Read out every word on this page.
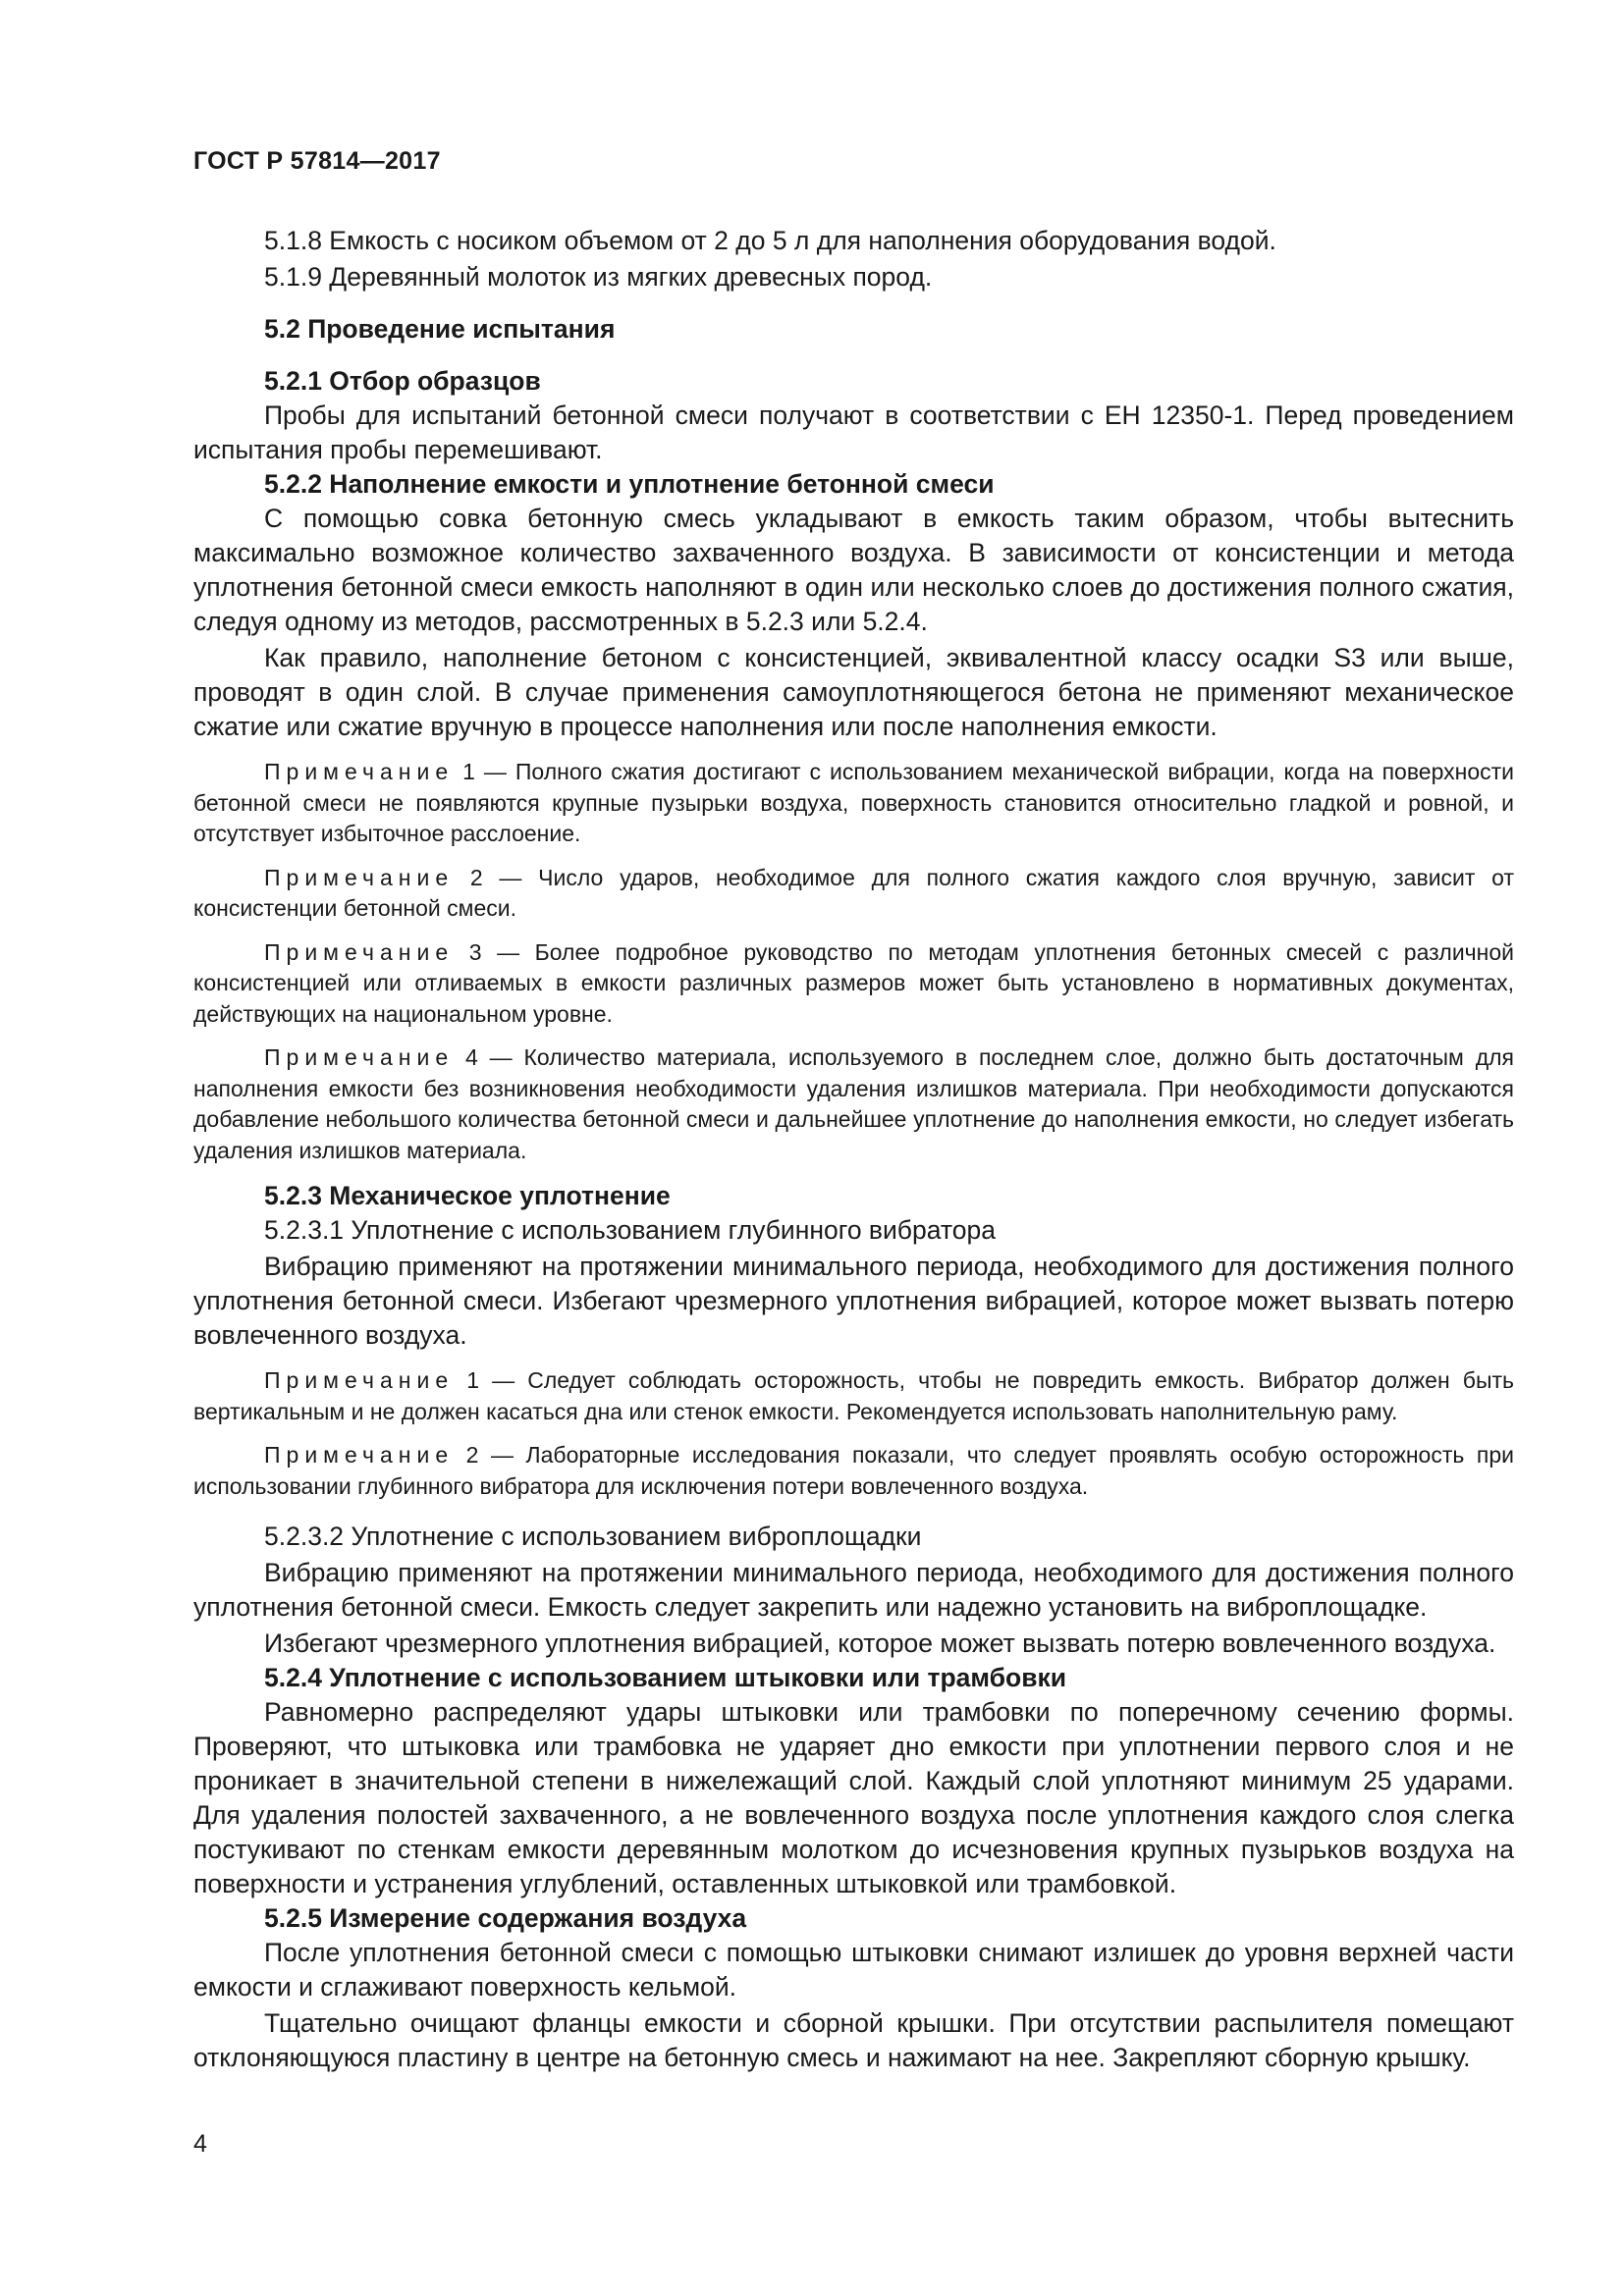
ГОСТ Р 57814—2017

5.1.8 Емкость с носиком объемом от 2 до 5 л для наполнения оборудования водой.

5.1.9 Деревянный молоток из мягких древесных пород.

5.2 Проведение испытания

5.2.1 Отбор образцов

Пробы для испытаний бетонной смеси получают в соответствии с ЕН 12350-1. Перед проведением испытания пробы перемешивают.

5.2.2 Наполнение емкости и уплотнение бетонной смеси

С помощью совка бетонную смесь укладывают в емкость таким образом, чтобы вытеснить максимально возможное количество захваченного воздуха. В зависимости от консистенции и метода уплотнения бетонной смеси емкость наполняют в один или несколько слоев до достижения полного сжатия, следуя одному из методов, рассмотренных в 5.2.3 или 5.2.4.

Как правило, наполнение бетоном с консистенцией, эквивалентной классу осадки S3 или выше, проводят в один слой. В случае применения самоуплотняющегося бетона не применяют механическое сжатие или сжатие вручную в процессе наполнения или после наполнения емкости.

Примечание 1 — Полного сжатия достигают с использованием механической вибрации, когда на поверхности бетонной смеси не появляются крупные пузырьки воздуха, поверхность становится относительно гладкой и ровной, и отсутствует избыточное расслоение.

Примечание 2 — Число ударов, необходимое для полного сжатия каждого слоя вручную, зависит от консистенции бетонной смеси.

Примечание 3 — Более подробное руководство по методам уплотнения бетонных смесей с различной консистенцией или отливаемых в емкости различных размеров может быть установлено в нормативных документах, действующих на национальном уровне.

Примечание 4 — Количество материала, используемого в последнем слое, должно быть достаточным для наполнения емкости без возникновения необходимости удаления излишков материала. При необходимости допускаются добавление небольшого количества бетонной смеси и дальнейшее уплотнение до наполнения емкости, но следует избегать удаления излишков материала.

5.2.3 Механическое уплотнение

5.2.3.1 Уплотнение с использованием глубинного вибратора

Вибрацию применяют на протяжении минимального периода, необходимого для достижения полного уплотнения бетонной смеси. Избегают чрезмерного уплотнения вибрацией, которое может вызвать потерю вовлеченного воздуха.

Примечание 1 — Следует соблюдать осторожность, чтобы не повредить емкость. Вибратор должен быть вертикальным и не должен касаться дна или стенок емкости. Рекомендуется использовать наполнительную раму.

Примечание 2 — Лабораторные исследования показали, что следует проявлять особую осторожность при использовании глубинного вибратора для исключения потери вовлеченного воздуха.

5.2.3.2 Уплотнение с использованием виброплощадки

Вибрацию применяют на протяжении минимального периода, необходимого для достижения полного уплотнения бетонной смеси. Емкость следует закрепить или надежно установить на виброплощадке.

Избегают чрезмерного уплотнения вибрацией, которое может вызвать потерю вовлеченного воздуха.

5.2.4 Уплотнение с использованием штыковки или трамбовки

Равномерно распределяют удары штыковки или трамбовки по поперечному сечению формы. Проверяют, что штыковка или трамбовка не ударяет дно емкости при уплотнении первого слоя и не проникает в значительной степени в нижележащий слой. Каждый слой уплотняют минимум 25 ударами. Для удаления полостей захваченного, а не вовлеченного воздуха после уплотнения каждого слоя слегка постукивают по стенкам емкости деревянным молотком до исчезновения крупных пузырьков воздуха на поверхности и устранения углублений, оставленных штыковкой или трамбовкой.

5.2.5 Измерение содержания воздуха

После уплотнения бетонной смеси с помощью штыковки снимают излишек до уровня верхней части емкости и сглаживают поверхность кельмой.

Тщательно очищают фланцы емкости и сборной крышки. При отсутствии распылителя помещают отклоняющуюся пластину в центре на бетонную смесь и нажимают на нее. Закрепляют сборную крышку.

4
